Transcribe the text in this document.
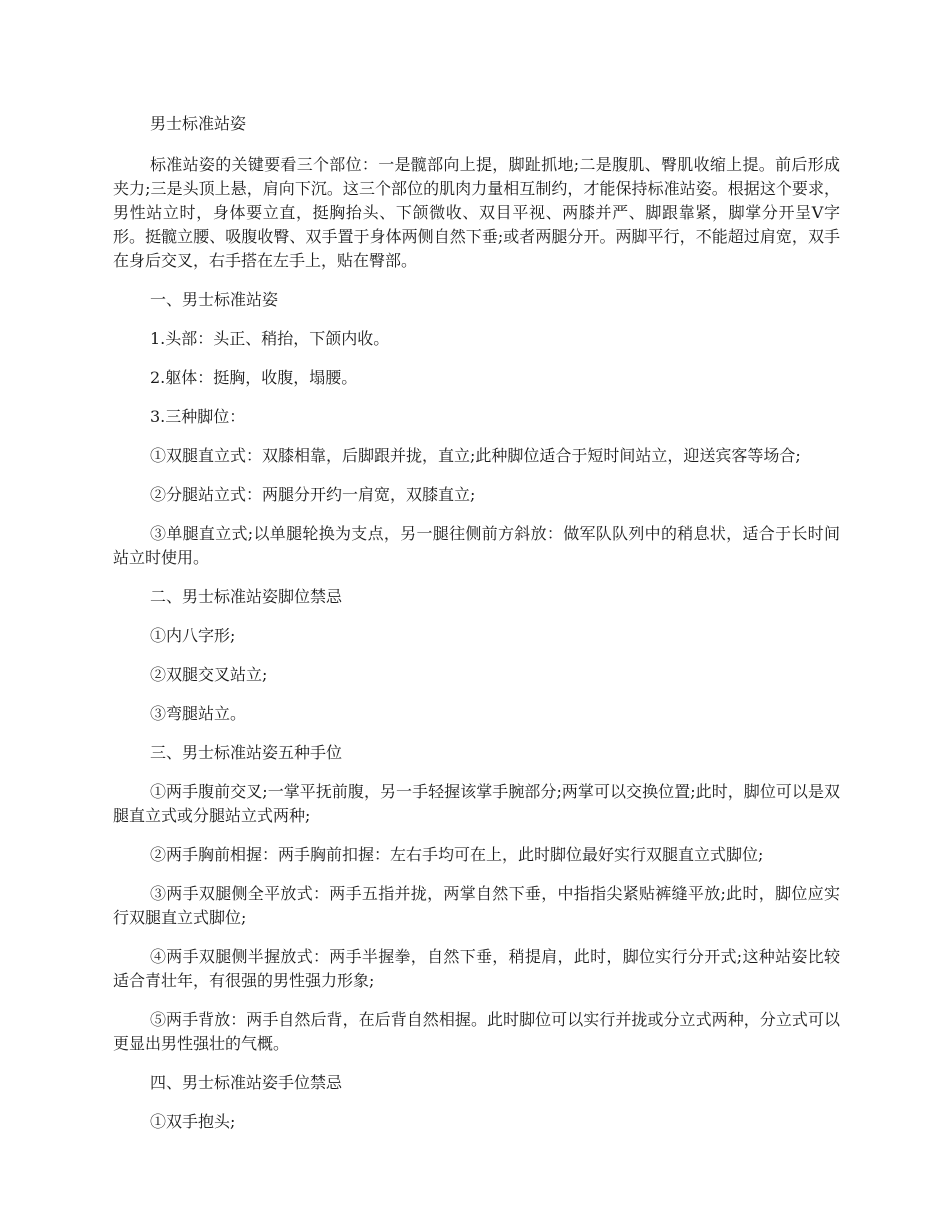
男士标准站姿

标准站姿的关键要看三个部位：一是髋部向上提，脚趾抓地;二是腹肌、臀肌收缩上提。前后形成夹力;三是头顶上悬，肩向下沉。这三个部位的肌肉力量相互制约，才能保持标准站姿。根据这个要求，男性站立时，身体要立直，挺胸抬头、下颌微收、双目平视、两膝并严、脚跟靠紧，脚掌分开呈V字形。挺髋立腰、吸腹收臀、双手置于身体两侧自然下垂;或者两腿分开。两脚平行，不能超过肩宽，双手在身后交叉，右手搭在左手上，贴在臀部。

一、男士标准站姿

1.头部：头正、稍抬，下颌内收。

2.躯体：挺胸，收腹，塌腰。

3.三种脚位：

①双腿直立式：双膝相靠，后脚跟并拢，直立;此种脚位适合于短时间站立，迎送宾客等场合;

②分腿站立式：两腿分开约一肩宽，双膝直立;

③单腿直立式;以单腿轮换为支点，另一腿往侧前方斜放：做军队队列中的稍息状，适合于长时间站立时使用。

二、男士标准站姿脚位禁忌

①内八字形;

②双腿交叉站立;

③弯腿站立。

三、男士标准站姿五种手位

①两手腹前交叉;一掌平抚前腹，另一手轻握该掌手腕部分;两掌可以交换位置;此时，脚位可以是双腿直立式或分腿站立式两种;

②两手胸前相握：两手胸前扣握：左右手均可在上，此时脚位最好实行双腿直立式脚位;

③两手双腿侧全平放式：两手五指并拢，两掌自然下垂，中指指尖紧贴裤缝平放;此时，脚位应实行双腿直立式脚位;

④两手双腿侧半握放式：两手半握拳，自然下垂，稍提肩，此时，脚位实行分开式;这种站姿比较适合青壮年，有很强的男性强力形象;

⑤两手背放：两手自然后背，在后背自然相握。此时脚位可以实行并拢或分立式两种，分立式可以更显出男性强壮的气概。

四、男士标准站姿手位禁忌

①双手抱头;
